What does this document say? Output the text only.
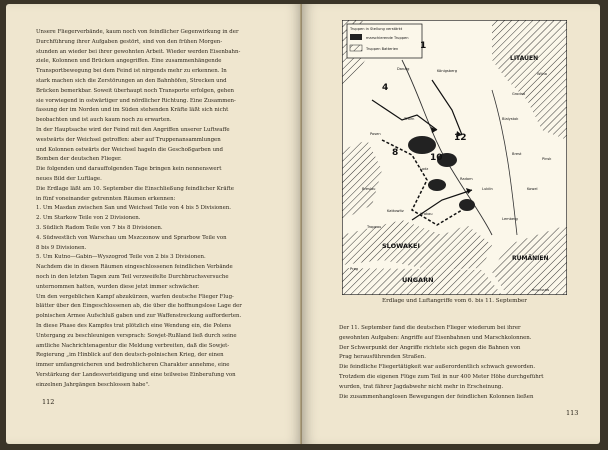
Unsere Fliegerverbände, kaum noch von feindlicher Gegenwirkung in der
Durchführung ihrer Aufgaben gestört, sind von den frühen Morgen-
stunden an wieder bei ihrer gewohnten Arbeit. Wieder werden Eisenbahn-
ziele, Kolonnen und Brücken angegriffen. Eine zusammenhängende
Transportbewegung bei dem Feind ist nirgends mehr zu erkennen. In
stark machen sich die Zerstörungen an den Bahnhöfen, Strecken und
Brücken bemerkbar. Soweit überhaupt noch Transporte erfolgen, gehen
sie vorwiegend in ostwärtiger und nördlicher Richtung. Eine Zusammen-
fassung der im Norden und im Süden stehenden Kräfte läßt sich nicht
beobachten und ist auch kaum noch zu erwarten.
In der Hauptsache wird der Feind mit den Angriffen unserer Luftwaffe
westwärts der Weichsel getroffen: aber auf Truppenansammlungen
und Kolonnen ostwärts der Weichsel hageln die Geschoßgarben und
Bomben der deutschen Flieger.
Die folgenden und darauffolgenden Tage bringen kein nennenswert
neues Bild der Luftlage.
Die Erdlage läßt am 10. September die Einschließung feindlicher Kräfte
in fünf voneinander getrennten Räumen erkennen:
1. Um Masdan zwischen San und Weichsel Teile von 4 bis 5 Divisionen.
2. Um Starkow Teile von 2 Divisionen.
3. Südlich Radom Teile von 7 bis 8 Divisionen.
4. Südwestlich von Warschau um Mszczonow und Sprarbow Teile von
8 bis 9 Divisionen.
5. Um Kutno—Gabin—Wyszogrod Teile von 2 bis 3 Divisionen.
Nachdem die in diesen Räumen eingeschlossenen feindlichen Verbände
noch in den letzten Tagen zum Teil verzweifelte Durchbruchsversuche
unternommen hatten, wurden diese jetzt immer schwächer.
Um den vergeblichen Kampf abzukürzen, warfen deutsche Flieger Flug-
blätter über den Eingeschlossenen ab, die über die hoffnungslose Lage der
polnischen Armee Aufschluß gaben und zur Waffenstreckung aufforderten.
In diese Phase des Kampfes trat plötzlich eine Wendung ein, die Polens
Untergang zu beschleunigen versprach: Sowjet-Rußland ließ durch seine
amtliche Nachrichtenagentur die Meldung verbreiten, daß die Sowjet-
Regierung „im Hinblick auf den deutsch-polnischen Krieg, der einen
immer umfangreicheren und bedrohlicheren Charakter annehme, eine
Verstärkung der Landesverteidigung und eine teilweise Einberufung von
einzelnen Jahrgängen beschlossen habe".
112
Truppen in Stellung verstärkt
marschierende Truppen
Truppen Batterien
LITAUEN
SLOWAKEI
UNGARN
RUMÄNIEN
Königsberg
Danzig
Thorn
Posen
Lodz
Radom
Krakau
Lemberg
Lublin
Grodno
Bialystok
Wilna
Brest
Pinsk
Kowel
Breslau
Kattowitz
Troppau
Prag
1
4
8	10
12
HOLLMANN
Erdlage und Luftangriffe vom 6. bis 11. September
Der 11. September fand die deutschen Flieger wiederum bei ihrer
gewohnten Aufgaben: Angriffe auf Eisenbahnen und Marschkolonnen.
Der Schwerpunkt der Angriffe richtete sich gegen die Bahnen von
Prag herausführenden Straßen.
Die feindliche Fliegertätigkeit war außerordentlich schwach geworden.
Trotzdem die eigenen Flüge zum Teil in nur 400 Meter Höhe durchgeführt
wurden, trat fährer Jagdabwehr nicht mehr in Erscheinung.
Die zusammenhanglosen Bewegungen der feindlichen Kolonnen ließen
113
